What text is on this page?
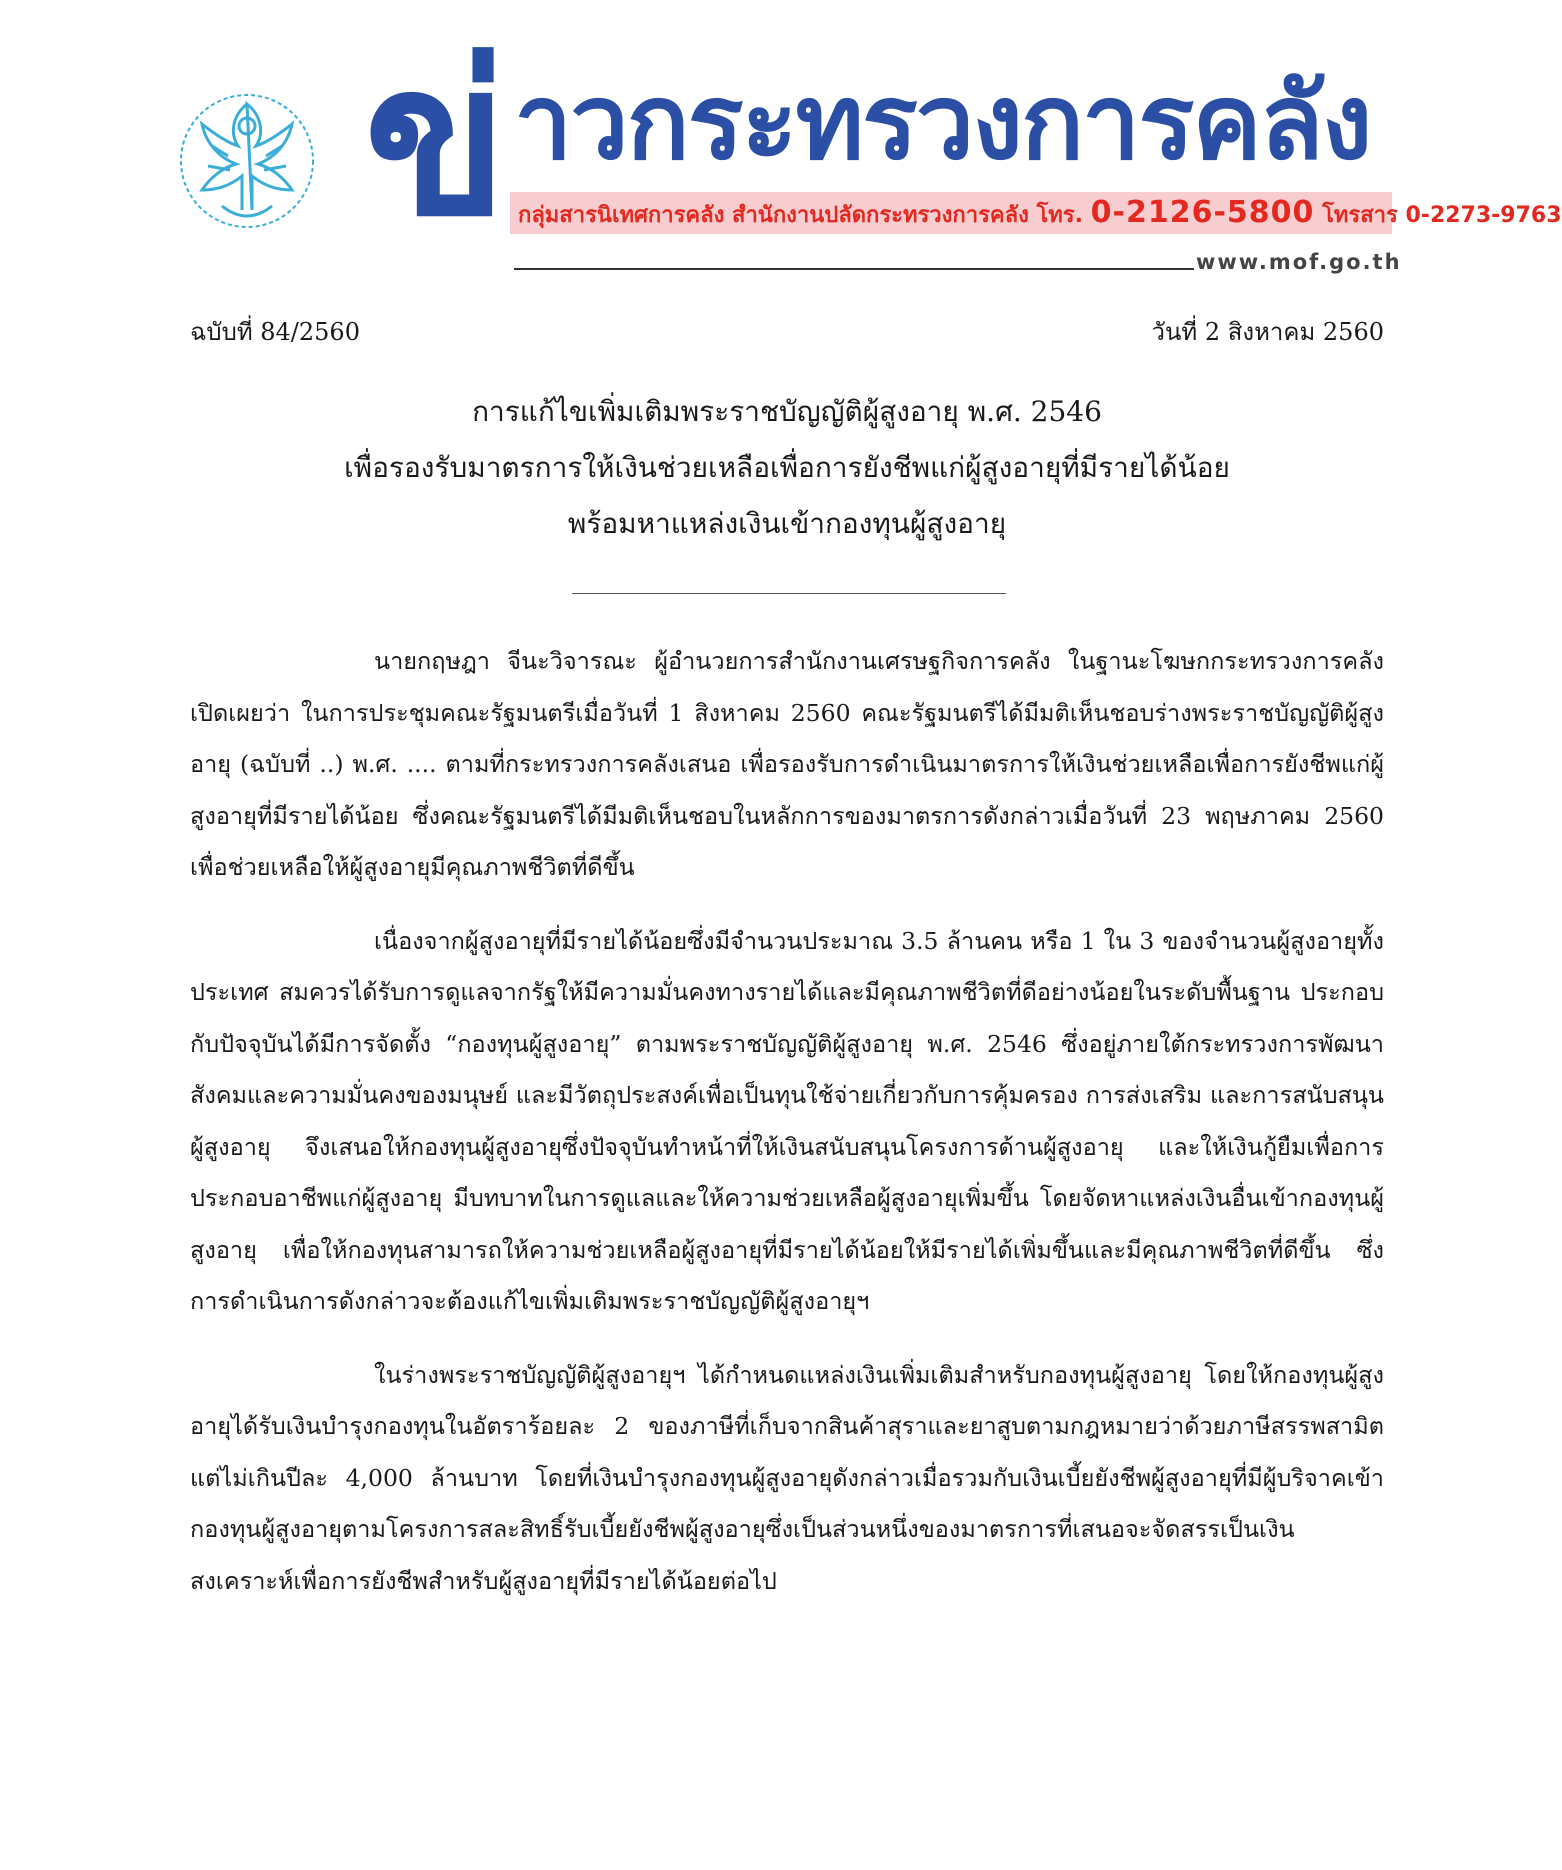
ข่ าวกระทรวงการคลัง
กลุ่มสารนิเทศการคลัง สำนักงานปลัดกระทรวงการคลัง โทร. 0-2126-5800 โทรสาร 0-2273-9763
www.mof.go.th
ฉบับที่ 84/2560	วันที่ 2 สิงหาคม 2560
การแก้ไขเพิ่มเติมพระราชบัญญัติผู้สูงอายุ พ.ศ. 2546
เพื่อรองรับมาตรการให้เงินช่วยเหลือเพื่อการยังชีพแก่ผู้สูงอายุที่มีรายได้น้อย
พร้อมหาแหล่งเงินเข้ากองทุนผู้สูงอายุ

นายกฤษฎา จีนะวิจารณะ ผู้อำนวยการสำนักงานเศรษฐกิจการคลัง ในฐานะโฆษกกระทรวงการคลัง เปิดเผยว่า ในการประชุมคณะรัฐมนตรีเมื่อวันที่ 1 สิงหาคม 2560 คณะรัฐมนตรีได้มีมติเห็นชอบร่างพระราชบัญญัติผู้สูงอายุ (ฉบับที่ ..) พ.ศ. .... ตามที่กระทรวงการคลังเสนอ เพื่อรองรับการดำเนินมาตรการให้เงินช่วยเหลือเพื่อการยังชีพแก่ผู้สูงอายุที่มีรายได้น้อย ซึ่งคณะรัฐมนตรีได้มีมติเห็นชอบในหลักการของมาตรการดังกล่าวเมื่อวันที่ 23 พฤษภาคม 2560 เพื่อช่วยเหลือให้ผู้สูงอายุมีคุณภาพชีวิตที่ดีขึ้น

เนื่องจากผู้สูงอายุที่มีรายได้น้อยซึ่งมีจำนวนประมาณ 3.5 ล้านคน หรือ 1 ใน 3 ของจำนวนผู้สูงอายุทั้งประเทศ สมควรได้รับการดูแลจากรัฐให้มีความมั่นคงทางรายได้และมีคุณภาพชีวิตที่ดีอย่างน้อยในระดับพื้นฐาน ประกอบกับปัจจุบันได้มีการจัดตั้ง “กองทุนผู้สูงอายุ” ตามพระราชบัญญัติผู้สูงอายุ พ.ศ. 2546 ซึ่งอยู่ภายใต้กระทรวงการพัฒนาสังคมและความมั่นคงของมนุษย์ และมีวัตถุประสงค์เพื่อเป็นทุนใช้จ่ายเกี่ยวกับการคุ้มครอง การส่งเสริม และการสนับสนุนผู้สูงอายุ จึงเสนอให้กองทุนผู้สูงอายุซึ่งปัจจุบันทำหน้าที่ให้เงินสนับสนุนโครงการด้านผู้สูงอายุ และให้เงินกู้ยืมเพื่อการประกอบอาชีพแก่ผู้สูงอายุ มีบทบาทในการดูแลและให้ความช่วยเหลือผู้สูงอายุเพิ่มขึ้น โดยจัดหาแหล่งเงินอื่นเข้ากองทุนผู้สูงอายุ เพื่อให้กองทุนสามารถให้ความช่วยเหลือผู้สูงอายุที่มีรายได้น้อยให้มีรายได้เพิ่มขึ้นและมีคุณภาพชีวิตที่ดีขึ้น ซึ่งการดำเนินการดังกล่าวจะต้องแก้ไขเพิ่มเติมพระราชบัญญัติผู้สูงอายุฯ

ในร่างพระราชบัญญัติผู้สูงอายุฯ ได้กำหนดแหล่งเงินเพิ่มเติมสำหรับกองทุนผู้สูงอายุ โดยให้กองทุนผู้สูงอายุได้รับเงินบำรุงกองทุนในอัตราร้อยละ 2 ของภาษีที่เก็บจากสินค้าสุราและยาสูบตามกฎหมายว่าด้วยภาษีสรรพสามิต แต่ไม่เกินปีละ 4,000 ล้านบาท โดยที่เงินบำรุงกองทุนผู้สูงอายุดังกล่าวเมื่อรวมกับเงินเบี้ยยังชีพผู้สูงอายุที่มีผู้บริจาคเข้ากองทุนผู้สูงอายุตามโครงการสละสิทธิ์รับเบี้ยยังชีพผู้สูงอายุซึ่งเป็นส่วนหนึ่งของมาตรการที่เสนอจะจัดสรรเป็นเงินสงเคราะห์เพื่อการยังชีพสำหรับผู้สูงอายุที่มีรายได้น้อยต่อไป
